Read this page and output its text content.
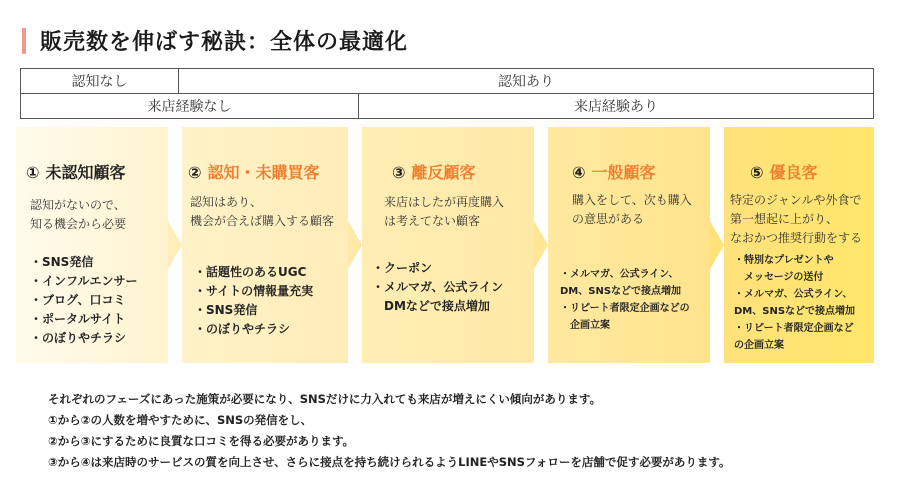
販売数を伸ばす秘訣：全体の最適化
認知なし	認知あり
来店経験なし	来店経験あり
① 未認知顧客
認知がないので、
知る機会から必要
・SNS発信
・インフルエンサー
・ブログ、口コミ
・ポータルサイト
・のぼりやチラシ
② 認知・未購買客
認知はあり、
機会が合えば購入する顧客
・話題性のあるUGC
・サイトの情報量充実
・SNS発信
・のぼりやチラシ
③ 離反顧客
来店はしたが再度購入
は考えてない顧客
・クーポン
・メルマガ、公式ライン
　DMなどで接点増加
④ 一般顧客
購入をして、次も購入
の意思がある
・メルマガ、公式ライン、
DM、SNSなどで接点増加
・リピート者限定企画などの
　企画立案
⑤ 優良客
特定のジャンルや外食で
第一想起に上がり、
なおかつ推奨行動をする
・特別なプレゼントや
　メッセージの送付
・メルマガ、公式ライン、
DM、SNSなどで接点増加
・リピート者限定企画など
の企画立案
それぞれのフェーズにあった施策が必要になり、SNSだけに力入れても来店が増えにくい傾向があります。
①から②の人数を増やすために、SNSの発信をし、
②から③にするために良質な口コミを得る必要があります。
③から④は来店時のサービスの質を向上させ、さらに接点を持ち続けられるようLINEやSNSフォローを店舗で促す必要があります。
